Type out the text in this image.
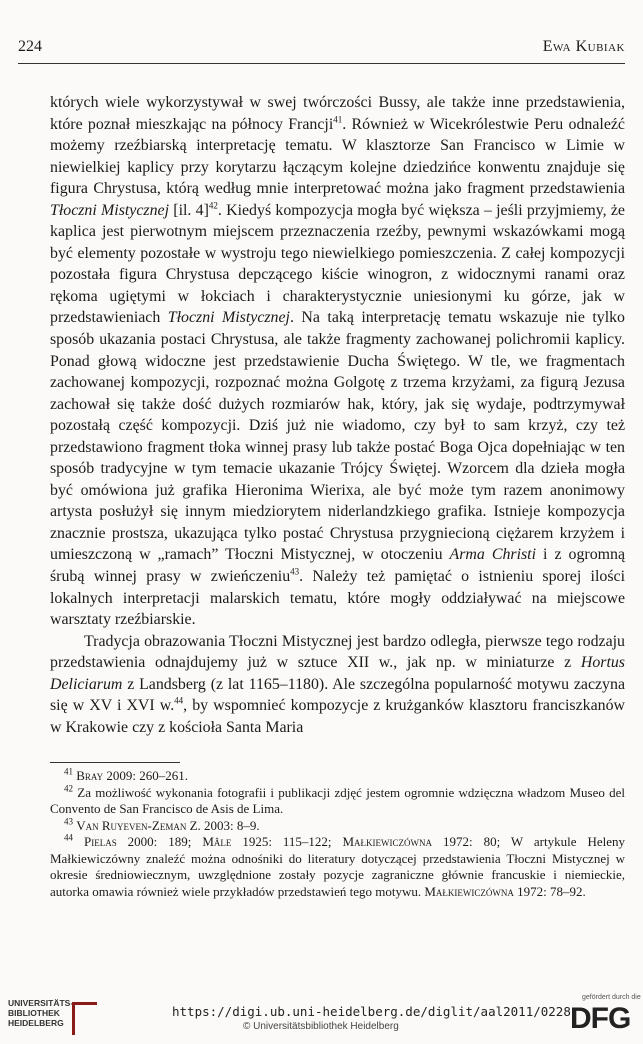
224	Ewa Kubiak

których wiele wykorzystywał w swej twórczości Bussy, ale także inne przedstawienia, które poznał mieszkając na północy Francji$^{41}$. Również w Wicekrólestwie Peru odnaleźć możemy rzeźbiarską interpretację tematu. W klasztorze San Francisco w Limie w niewielkiej kaplicy przy korytarzu łączącym kolejne dziedzińce konwentu znajduje się figura Chrystusa, którą według mnie interpretować można jako fragment przedstawienia Tłoczni Mistycznej [il. 4]$^{42}$. Kiedyś kompozycja mogła być większa – jeśli przyjmiemy, że kaplica jest pierwotnym miejscem przeznaczenia rzeźby, pewnymi wskazówkami mogą być elementy pozostałe w wystroju tego niewielkiego pomieszczenia. Z całej kompozycji pozostała figura Chrystusa depczącego kiście winogron, z widocznymi ranami oraz rękoma ugiętymi w łokciach i charakterystycznie uniesionymi ku górze, jak w przedstawieniach Tłoczni Mistycznej. Na taką interpretację tematu wskazuje nie tylko sposób ukazania postaci Chrystusa, ale także fragmenty zachowanej polichromii kaplicy. Ponad głową widoczne jest przedstawienie Ducha Świętego. W tle, we fragmentach zachowanej kompozycji, rozpoznać można Golgotę z trzema krzyżami, za figurą Jezusa zachował się także dość dużych rozmiarów hak, który, jak się wydaje, podtrzymywał pozostałą część kompozycji. Dziś już nie wiadomo, czy był to sam krzyż, czy też przedstawiono fragment tłoka winnej prasy lub także postać Boga Ojca dopełniając w ten sposób tradycyjne w tym temacie ukazanie Trójcy Świętej. Wzorcem dla dzieła mogła być omówiona już grafika Hieronima Wierixa, ale być może tym razem anonimowy artysta posłużył się innym miedziorytem niderlandzkiego grafika. Istnieje kompozycja znacznie prostsza, ukazująca tylko postać Chrystusa przygniecioną ciężarem krzyżem i umieszczoną w „ramach” Tłoczni Mistycznej, w otoczeniu Arma Christi i z ogromną śrubą winnej prasy w zwieńczeniu$^{43}$. Należy też pamiętać o istnieniu sporej ilości lokalnych interpretacji malarskich tematu, które mogły oddziaływać na miejscowe warsztaty rzeźbiarskie.

Tradycja obrazowania Tłoczni Mistycznej jest bardzo odległa, pierwsze tego rodzaju przedstawienia odnajdujemy już w sztuce XII w., jak np. w miniaturze z Hortus Deliciarum z Landsberg (z lat 1165–1180). Ale szczególna popularność motywu zaczyna się w XV i XVI w.$^{44}$, by wspomnieć kompozycje z krużganków klasztoru franciszkanów w Krakowie czy z kościoła Santa Maria

$^{41}$ Bray 2009: 260–261.

$^{42}$ Za możliwość wykonania fotografii i publikacji zdjęć jestem ogromnie wdzięczna władzom Museo del Convento de San Francisco de Asis de Lima.

$^{43}$ Van Ruyeven-Zeman Z. 2003: 8–9.

$^{44}$ Pielas 2000: 189; Mâle 1925: 115–122; Małkiewiczówna 1972: 80; W artykule Heleny Małkiewiczówny znaleźć można odnośniki do literatury dotyczącej przedstawienia Tłoczni Mistycznej w okresie średniowiecznym, uwzględnione zostały pozycje zagraniczne głównie francuskie i niemieckie, autorka omawia również wiele przykładów przedstawień tego motywu. Małkiewiczówna 1972: 78–92.

UNIVERSITÄTS-
BIBLIOTHEK
HEIDELBERG
https://digi.ub.uni-heidelberg.de/diglit/aal2011/0228
© Universitätsbibliothek Heidelberg
gefördert durch die
DFG
